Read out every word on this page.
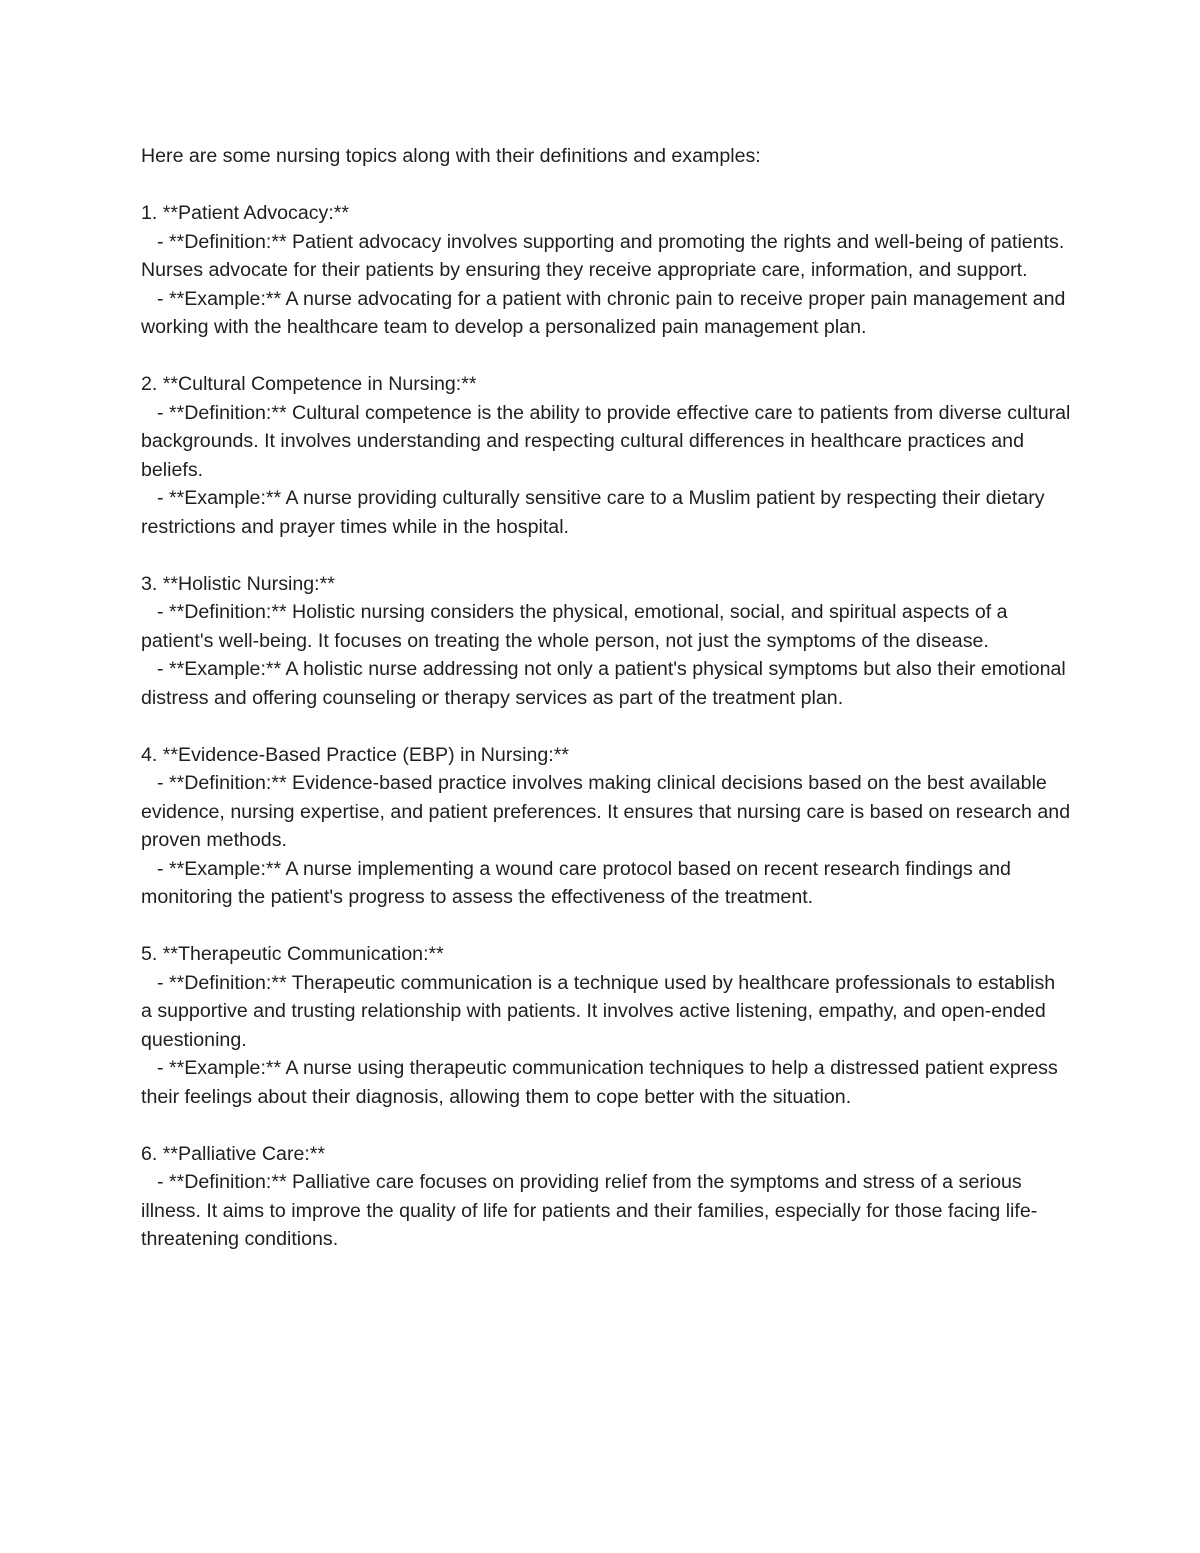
Here are some nursing topics along with their definitions and examples:

1. **Patient Advocacy:**

- **Definition:** Patient advocacy involves supporting and promoting the rights and well-being of patients. Nurses advocate for their patients by ensuring they receive appropriate care, information, and support.

- **Example:** A nurse advocating for a patient with chronic pain to receive proper pain management and working with the healthcare team to develop a personalized pain management plan.

2. **Cultural Competence in Nursing:**

- **Definition:** Cultural competence is the ability to provide effective care to patients from diverse cultural backgrounds. It involves understanding and respecting cultural differences in healthcare practices and beliefs.

- **Example:** A nurse providing culturally sensitive care to a Muslim patient by respecting their dietary restrictions and prayer times while in the hospital.

3. **Holistic Nursing:**

- **Definition:** Holistic nursing considers the physical, emotional, social, and spiritual aspects of a patient's well-being. It focuses on treating the whole person, not just the symptoms of the disease.

- **Example:** A holistic nurse addressing not only a patient's physical symptoms but also their emotional distress and offering counseling or therapy services as part of the treatment plan.

4. **Evidence-Based Practice (EBP) in Nursing:**

- **Definition:** Evidence-based practice involves making clinical decisions based on the best available evidence, nursing expertise, and patient preferences. It ensures that nursing care is based on research and proven methods.

- **Example:** A nurse implementing a wound care protocol based on recent research findings and monitoring the patient's progress to assess the effectiveness of the treatment.

5. **Therapeutic Communication:**

- **Definition:** Therapeutic communication is a technique used by healthcare professionals to establish a supportive and trusting relationship with patients. It involves active listening, empathy, and open-ended questioning.

- **Example:** A nurse using therapeutic communication techniques to help a distressed patient express their feelings about their diagnosis, allowing them to cope better with the situation.

6. **Palliative Care:**

- **Definition:** Palliative care focuses on providing relief from the symptoms and stress of a serious illness. It aims to improve the quality of life for patients and their families, especially for those facing life-threatening conditions.
